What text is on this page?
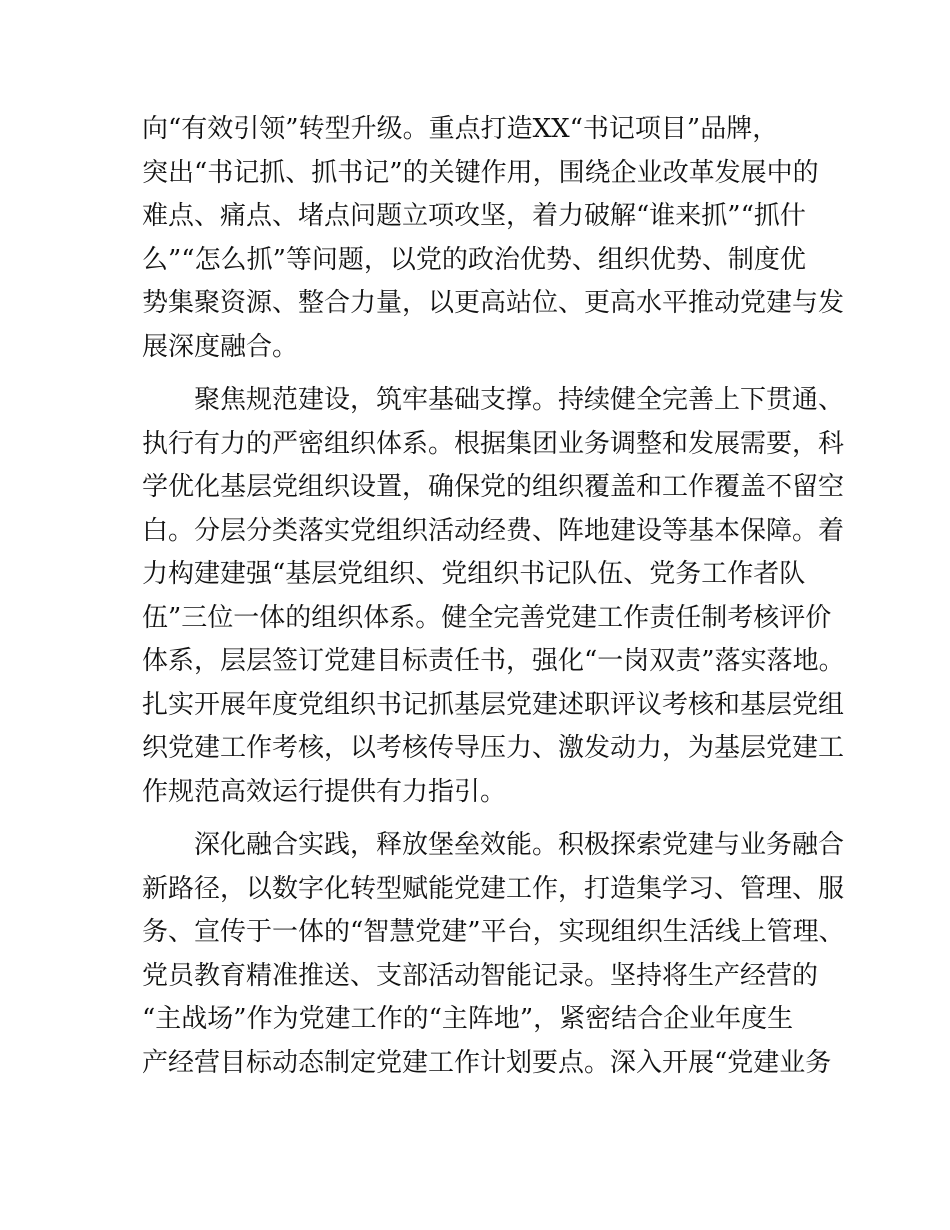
向“有效引领”转型升级。重点打造XX“书记项目”品牌，
突出“书记抓、抓书记”的关键作用，围绕企业改革发展中的
难点、痛点、堵点问题立项攻坚，着力破解“谁来抓”“抓什
么”“怎么抓”等问题，以党的政治优势、组织优势、制度优
势集聚资源、整合力量，以更高站位、更高水平推动党建与发
展深度融合。
聚焦规范建设，筑牢基础支撑。持续健全完善上下贯通、
执行有力的严密组织体系。根据集团业务调整和发展需要，科
学优化基层党组织设置，确保党的组织覆盖和工作覆盖不留空
白。分层分类落实党组织活动经费、阵地建设等基本保障。着
力构建建强“基层党组织、党组织书记队伍、党务工作者队
伍”三位一体的组织体系。健全完善党建工作责任制考核评价
体系，层层签订党建目标责任书，强化“一岗双责”落实落地。
扎实开展年度党组织书记抓基层党建述职评议考核和基层党组
织党建工作考核，以考核传导压力、激发动力，为基层党建工
作规范高效运行提供有力指引。
深化融合实践，释放堡垒效能。积极探索党建与业务融合
新路径，以数字化转型赋能党建工作，打造集学习、管理、服
务、宣传于一体的“智慧党建”平台，实现组织生活线上管理、
党员教育精准推送、支部活动智能记录。坚持将生产经营的
“主战场”作为党建工作的“主阵地”，紧密结合企业年度生
产经营目标动态制定党建工作计划要点。深入开展“党建业务
